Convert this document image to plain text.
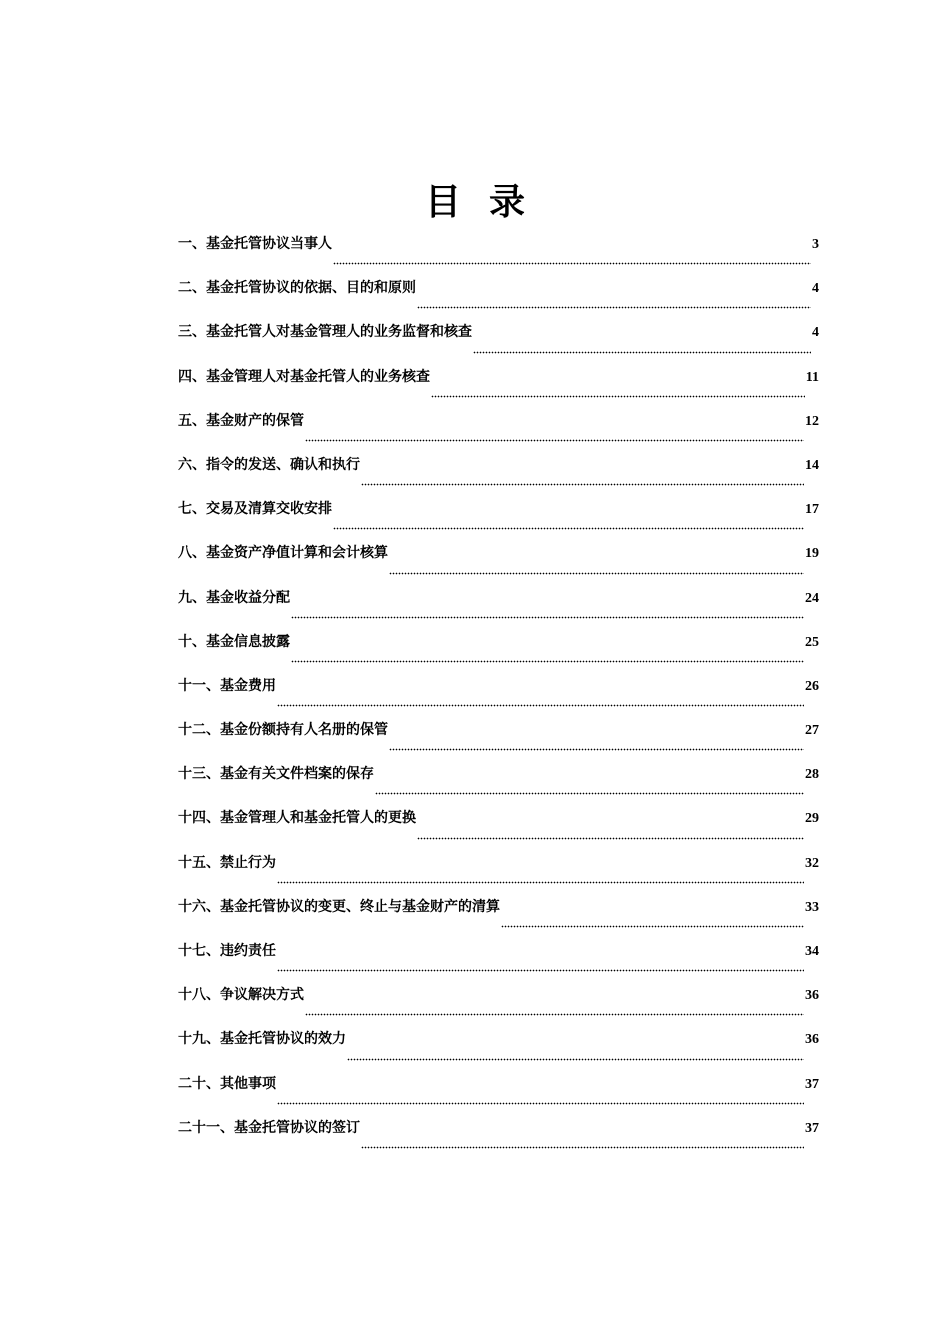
目录
一、基金托管协议当事人	3
二、基金托管协议的依据、目的和原则	4
三、基金托管人对基金管理人的业务监督和核查	4
四、基金管理人对基金托管人的业务核查	11
五、基金财产的保管	12
六、指令的发送、确认和执行	14
七、交易及清算交收安排	17
八、基金资产净值计算和会计核算	19
九、基金收益分配	24
十、基金信息披露	25
十一、基金费用	26
十二、基金份额持有人名册的保管	27
十三、基金有关文件档案的保存	28
十四、基金管理人和基金托管人的更换	29
十五、禁止行为	32
十六、基金托管协议的变更、终止与基金财产的清算	33
十七、违约责任	34
十八、争议解决方式	36
十九、基金托管协议的效力	36
二十、其他事项	37
二十一、基金托管协议的签订	37
